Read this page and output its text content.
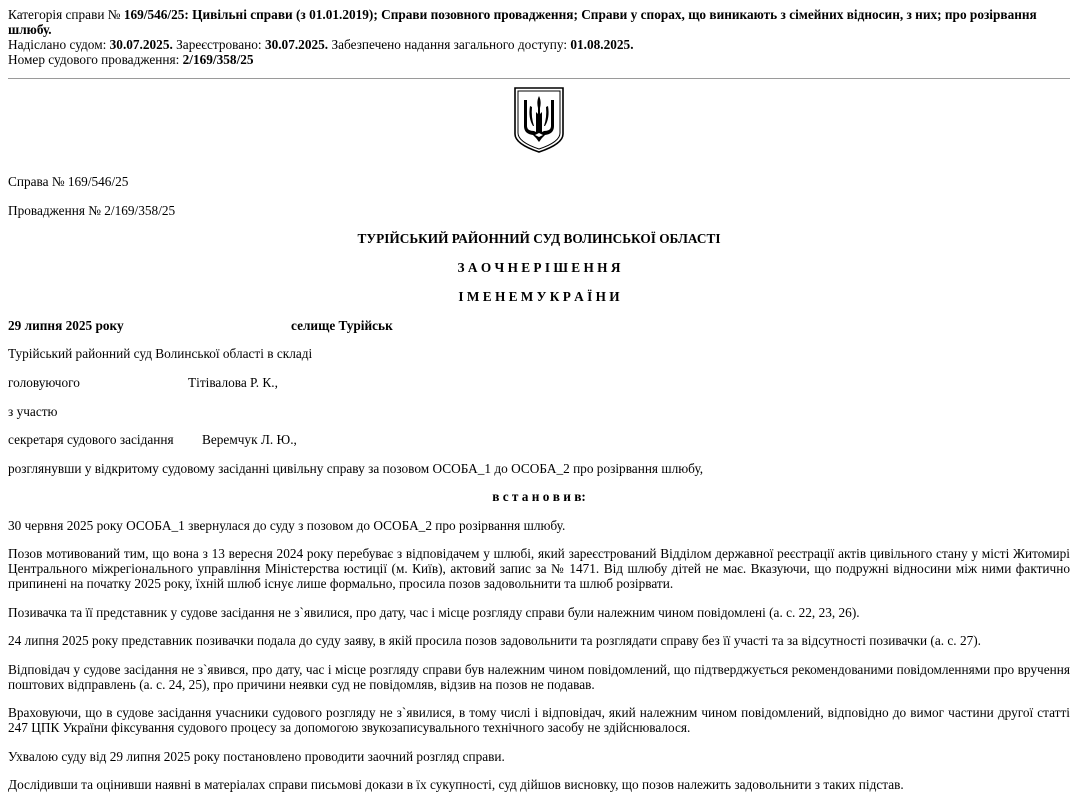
Категорія справи № 169/546/25: Цивільні справи (з 01.01.2019); Справи позовного провадження; Справи у спорах, що виникають з сімейних відносин, з них; про розірвання шлюбу.

Надіслано судом: 30.07.2025. Зареєстровано: 30.07.2025. Забезпечено надання загального доступу: 01.08.2025.

Номер судового провадження: 2/169/358/25

Справа № 169/546/25

Провадження № 2/169/358/25

ТУРІЙСЬКИЙ РАЙОННИЙ СУД ВОЛИНСЬКОЇ ОБЛАСТІ

З А О Ч Н Е Р І Ш Е Н Н Я

І М Е Н Е М У К Р А Ї Н И

29 липня 2025 року	селище Турійськ

Турійський районний суд Волинської області в складі

головуючого	Тітівалова Р. К.,

з участю

секретаря судового засідання Веремчук Л. Ю.,

розглянувши у відкритому судовому засіданні цивільну справу за позовом ОСОБА_1 до ОСОБА_2 про розірвання шлюбу,

в с т а н о в и в:

30 червня 2025 року ОСОБА_1 звернулася до суду з позовом до ОСОБА_2 про розірвання шлюбу.

Позов мотивований тим, що вона з 13 вересня 2024 року перебуває з відповідачем у шлюбі, який зареєстрований Відділом державної реєстрації актів цивільного стану у місті Житомирі Центрального міжрегіонального управління Міністерства юстиції (м. Київ), актовий запис за № 1471. Від шлюбу дітей не має. Вказуючи, що подружні відносини між ними фактично припинені на початку 2025 року, їхній шлюб існує лише формально, просила позов задовольнити та шлюб розірвати.

Позивачка та її представник у судове засідання не з`явилися, про дату, час і місце розгляду справи були належним чином повідомлені (а. с. 22, 23, 26).

24 липня 2025 року представник позивачки подала до суду заяву, в якій просила позов задовольнити та розглядати справу без її участі та за відсутності позивачки (а. с. 27).

Відповідач у судове засідання не з`явився, про дату, час і місце розгляду справи був належним чином повідомлений, що підтверджується рекомендованими повідомленнями про вручення поштових відправлень (а. с. 24, 25), про причини неявки суд не повідомляв, відзив на позов не подавав.

Враховуючи, що в судове засідання учасники судового розгляду не з`явилися, в тому числі і відповідач, який належним чином повідомлений, відповідно до вимог частини другої статті 247 ЦПК України фіксування судового процесу за допомогою звукозаписувального технічного засобу не здійснювалося.

Ухвалою суду від 29 липня 2025 року постановлено проводити заочний розгляд справи.

Дослідивши та оцінивши наявні в матеріалах справи письмові докази в їх сукупності, суд дійшов висновку, що позов належить задовольнити з таких підстав.
